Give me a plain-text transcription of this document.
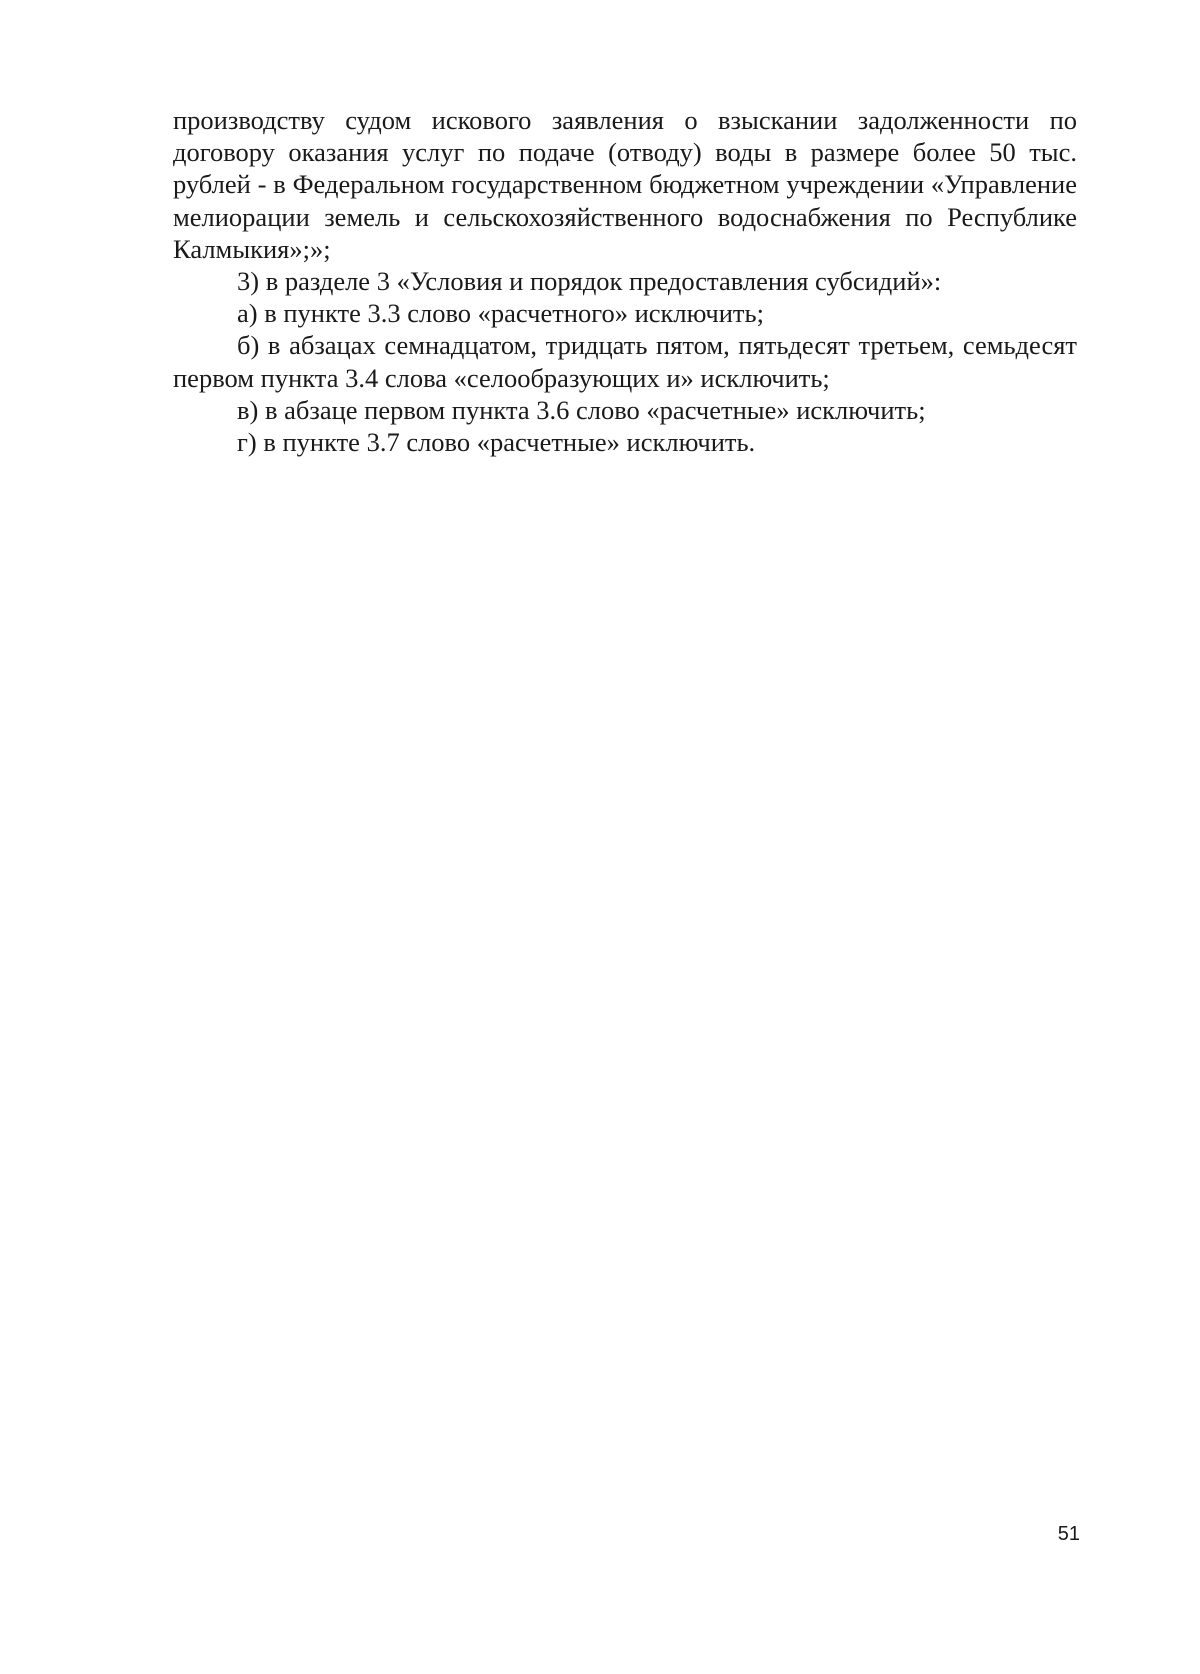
производству судом искового заявления о взыскании задолженности по договору оказания услуг по подаче (отводу) воды в размере более 50 тыс. рублей - в Федеральном государственном бюджетном учреждении «Управление мелиорации земель и сельскохозяйственного водоснабжения по Республике Калмыкия»;»;

3) в разделе 3 «Условия и порядок предоставления субсидий»:

а) в пункте 3.3 слово «расчетного» исключить;

б) в абзацах семнадцатом, тридцать пятом, пятьдесят третьем, семьдесят первом пункта 3.4 слова «селообразующих и» исключить;

в) в абзаце первом пункта 3.6 слово «расчетные» исключить;

г) в пункте 3.7 слово «расчетные» исключить.

51
